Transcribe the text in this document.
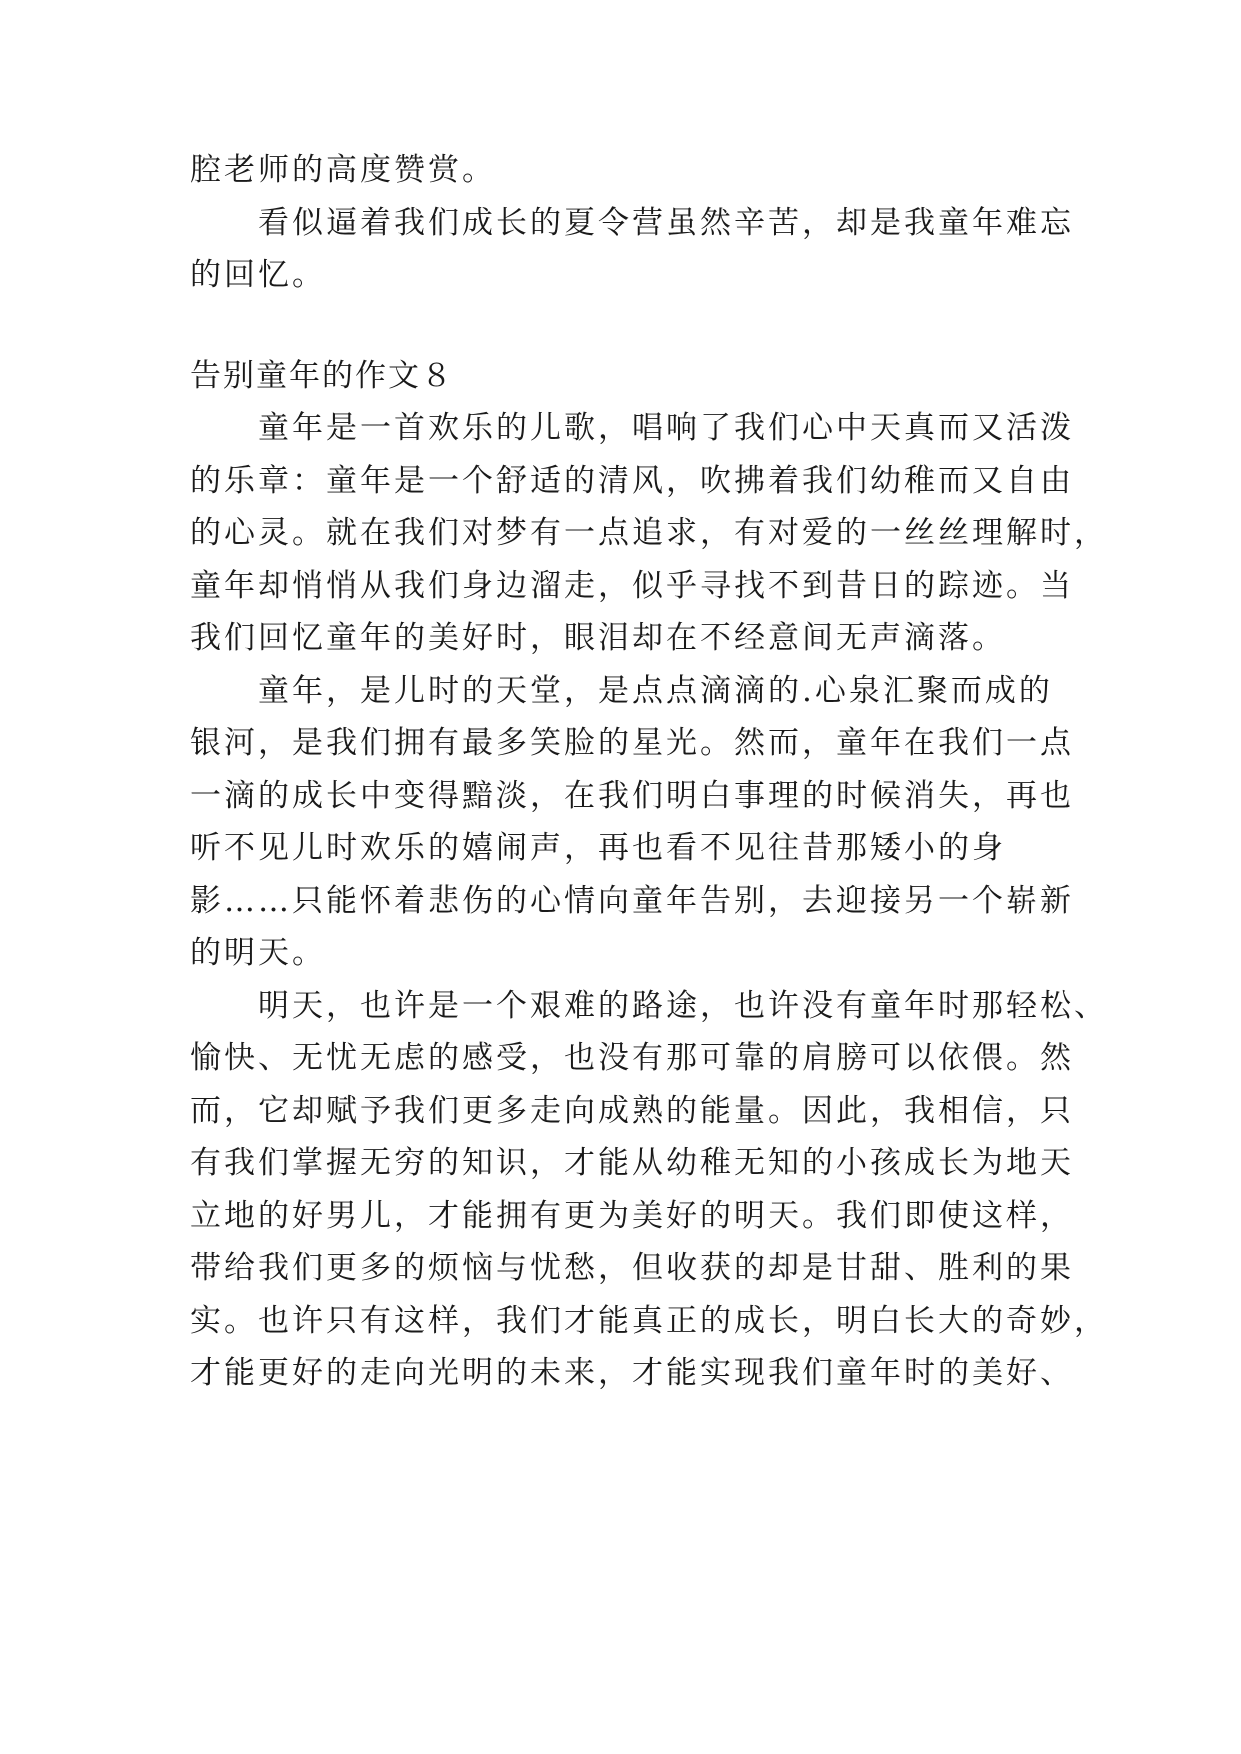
腔老师的高度赞赏。
看似逼着我们成长的夏令营虽然辛苦，却是我童年难忘
的回忆。
告别童年的作文８
童年是一首欢乐的儿歌，唱响了我们心中天真而又活泼
的乐章：童年是一个舒适的清风，吹拂着我们幼稚而又自由
的心灵。就在我们对梦有一点追求，有对爱的一丝丝理解时，
童年却悄悄从我们身边溜走，似乎寻找不到昔日的踪迹。当
我们回忆童年的美好时，眼泪却在不经意间无声滴落。
童年，是儿时的天堂，是点点滴滴的.心泉汇聚而成的
银河，是我们拥有最多笑脸的星光。然而，童年在我们一点
一滴的成长中变得黯淡，在我们明白事理的时候消失，再也
听不见儿时欢乐的嬉闹声，再也看不见往昔那矮小的身
影……只能怀着悲伤的心情向童年告别，去迎接另一个崭新
的明天。
明天，也许是一个艰难的路途，也许没有童年时那轻松、
愉快、无忧无虑的感受，也没有那可靠的肩膀可以依偎。然
而，它却赋予我们更多走向成熟的能量。因此，我相信，只
有我们掌握无穷的知识，才能从幼稚无知的小孩成长为地天
立地的好男儿，才能拥有更为美好的明天。我们即使这样，
带给我们更多的烦恼与忧愁，但收获的却是甘甜、胜利的果
实。也许只有这样，我们才能真正的成长，明白长大的奇妙，
才能更好的走向光明的未来，才能实现我们童年时的美好、
